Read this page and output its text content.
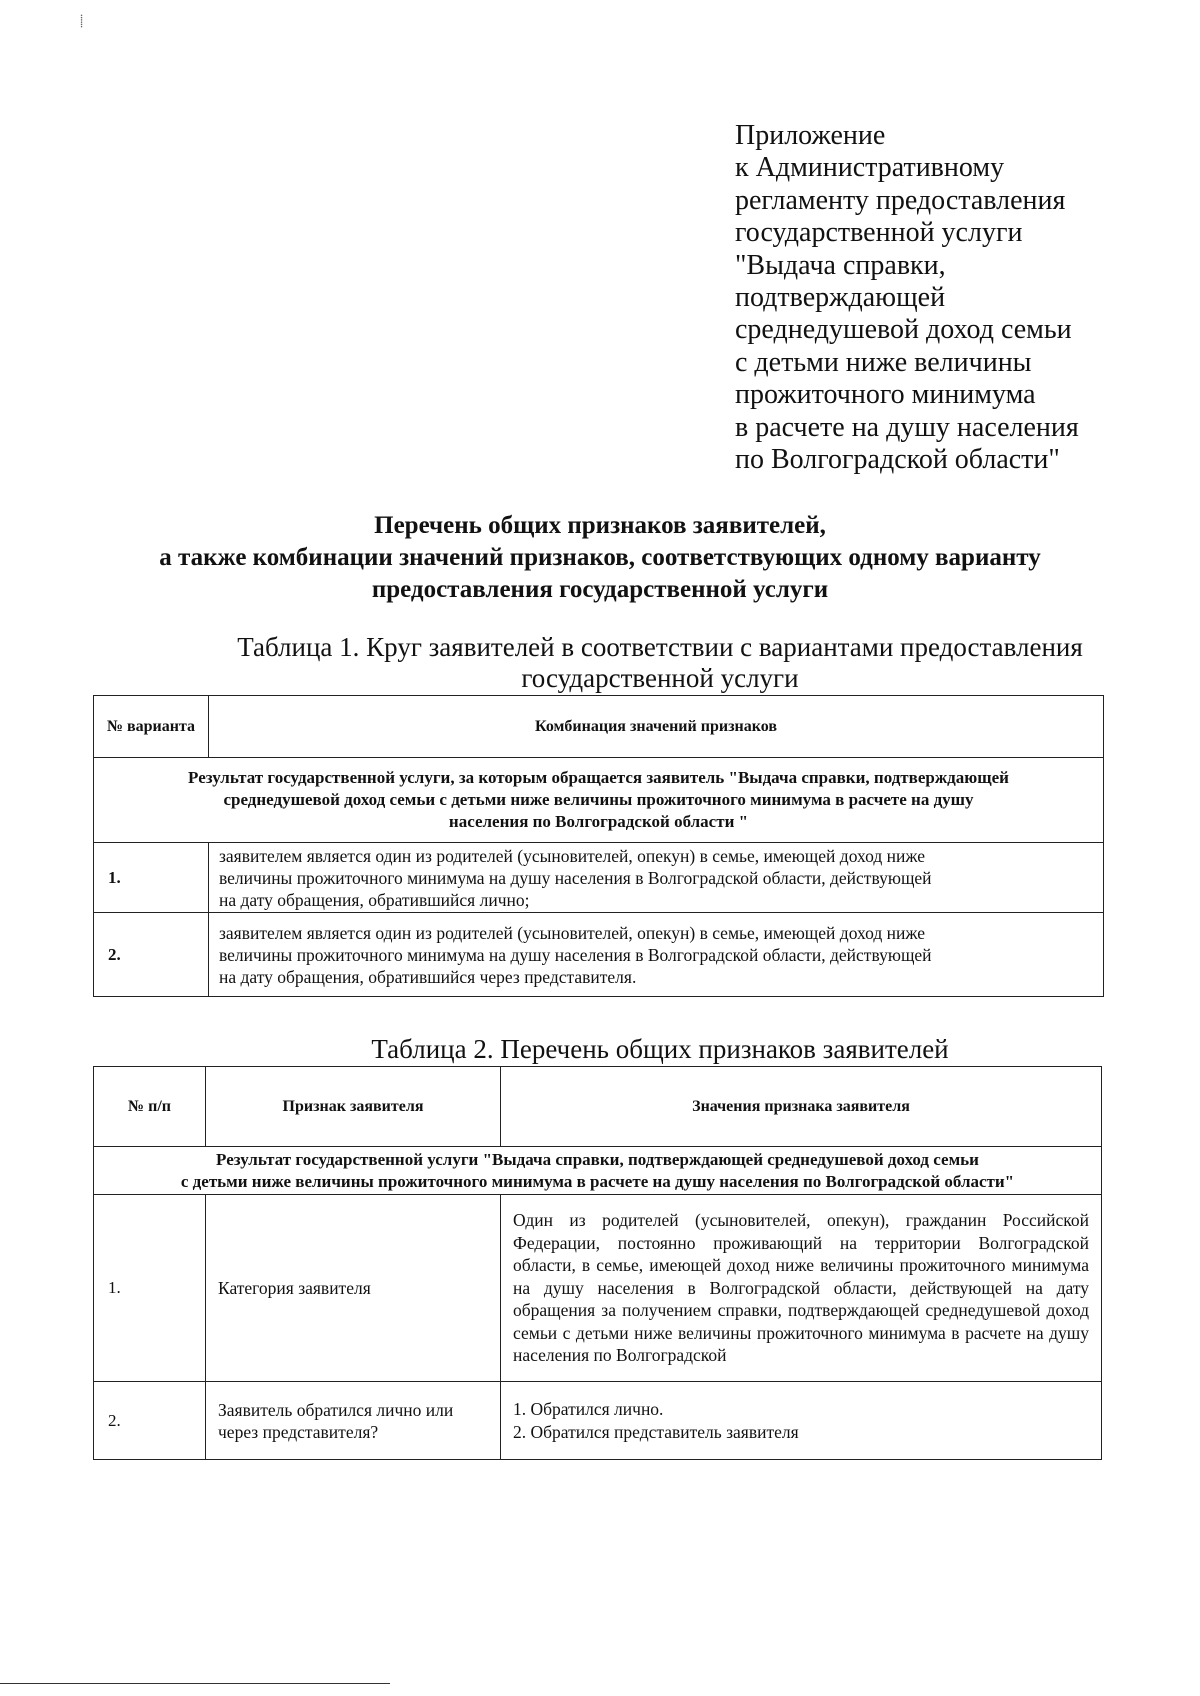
⸽
Приложение
к Административному
регламенту предоставления
государственной услуги
"Выдача справки,
подтверждающей
среднедушевой доход семьи
с детьми ниже величины
прожиточного минимума
в расчете на душу населения
по Волгоградской области"
Перечень общих признаков заявителей,
а также комбинации значений признаков, соответствующих одному варианту
предоставления государственной услуги
Таблица 1. Круг заявителей в соответствии с вариантами предоставления
государственной услуги
№ варианта	Комбинация значений признаков

Результат государственной услуги, за которым обращается заявитель "Выдача справки, подтверждающей
среднедушевой доход семьи с детьми ниже величины прожиточного минимума в расчете на душу
населения по Волгоградской области "	

1.	заявителем является один из родителей (усыновителей, опекун) в семье, имеющей доход ниже
величины прожиточного минимума на душу населения в Волгоградской области, действующей
на дату обращения, обратившийся лично;

2.	заявителем является один из родителей (усыновителей, опекун) в семье, имеющей доход ниже
величины прожиточного минимума на душу населения в Волгоградской области, действующей
на дату обращения, обратившийся через представителя.
Таблица 2. Перечень общих признаков заявителей
№ п/п	Признак заявителя	Значения признака заявителя

Результат государственной услуги "Выдача справки, подтверждающей среднедушевой доход семьи
с детьми ниже величины прожиточного минимума в расчете на душу населения по Волгоградской области"		

1.	Категория заявителя	Один из родителей (усыновителей, опекун), гражданин Российской Федерации, постоянно проживающий на территории Волгоградской области, в семье, имеющей доход ниже величины прожиточного минимума на душу населения в Волгоградской области, действующей на дату обращения за получением справки, подтверждающей среднедушевой доход семьи с детьми ниже величины прожиточного минимума в расчете на душу населения по Волгоградской
2.	Заявитель обратился лично или через представителя?	1. Обратился лично.
2. Обратился представитель заявителя
